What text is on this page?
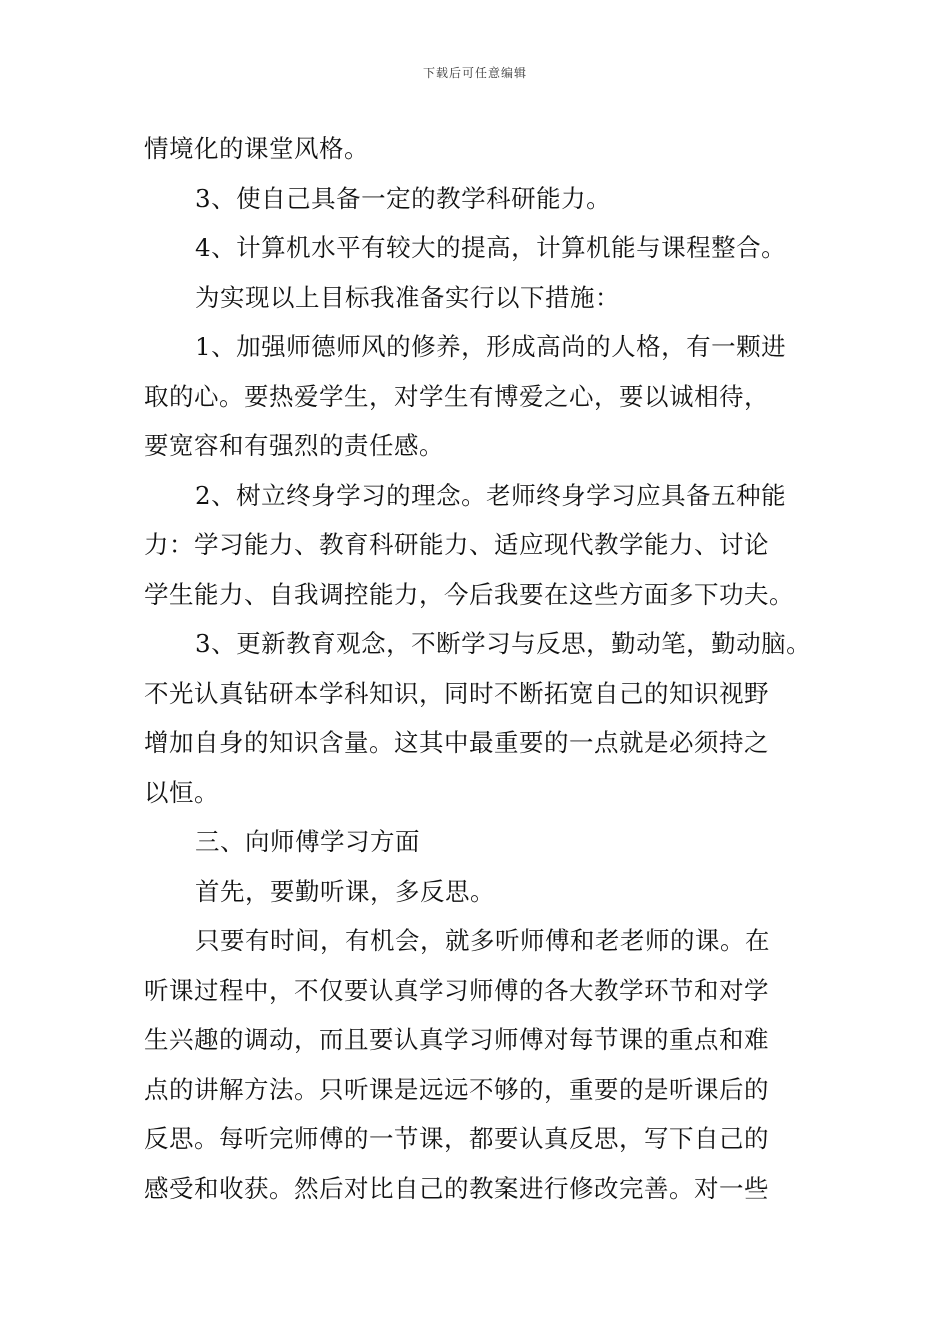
下载后可任意编辑
情境化的课堂风格。
3、使自己具备一定的教学科研能力。
4、计算机水平有较大的提高，计算机能与课程整合。
为实现以上目标我准备实行以下措施：
1、加强师德师风的修养，形成高尚的人格，有一颗进
取的心。要热爱学生，对学生有博爱之心，要以诚相待，
要宽容和有强烈的责任感。
2、树立终身学习的理念。老师终身学习应具备五种能
力：学习能力、教育科研能力、适应现代教学能力、讨论
学生能力、自我调控能力，今后我要在这些方面多下功夫。
3、更新教育观念，不断学习与反思，勤动笔，勤动脑。
不光认真钻研本学科知识，同时不断拓宽自己的知识视野
增加自身的知识含量。这其中最重要的一点就是必须持之
以恒。
三、向师傅学习方面
首先，要勤听课，多反思。
只要有时间，有机会，就多听师傅和老老师的课。在
听课过程中，不仅要认真学习师傅的各大教学环节和对学
生兴趣的调动，而且要认真学习师傅对每节课的重点和难
点的讲解方法。只听课是远远不够的，重要的是听课后的
反思。每听完师傅的一节课，都要认真反思，写下自己的
感受和收获。然后对比自己的教案进行修改完善。对一些
